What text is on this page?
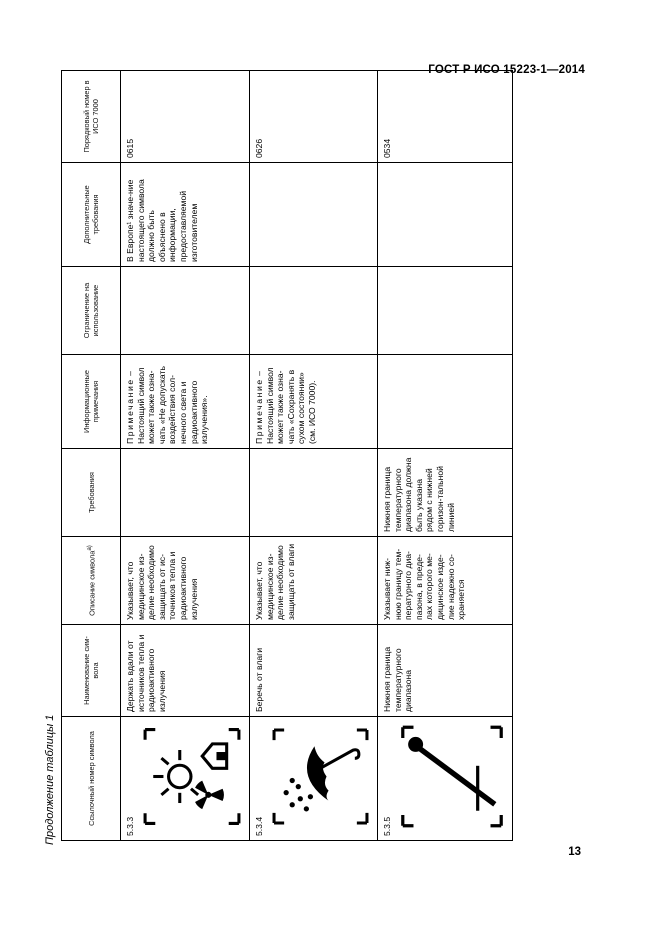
ГОСТ Р ИСО 15223-1—2014
Продолжение таблицы 1	Ссылочный номер символа	Наименование сим-вола	Описание символа$^{a)}$	Требования	Информационные примечания	Ограничение на использование	Дополнительные требования	Порядковый номер в ИСО 7000

5.3.3	Держать вдали от источников тепла и радиоактивного излучения	Указывает, что медицинское из-делие необходимо защищать от ис-точников тепла и радиоактивного излучения		Примечание – Настоящий символ может также озна-чать «Не допускать воздействия сол-нечного света и радиоактивного излучения».		В Европе¹ значе-ние настоящего символа должно быть объяснено в информации, предоставляемой изготовителем	0615

5.3.4	Беречь от влаги	Указывает, что медицинское из-делие необходимо защищать от влаги		Примечание – Настоящий символ может также озна-чать «Сохранять в сухом состоянии» (см. ИСО 7000).			0626

5.3.5	Нижняя граница температурного диапазона	Указывает ниж-нюю границу тем-пературного диа-пазона, в преде-лах которого ме-дицинское изде-лие надежно со-храняется	Нижняя граница температурного диапазона должна быть указана рядом с нижней горизон-тальной линией				0534
13
